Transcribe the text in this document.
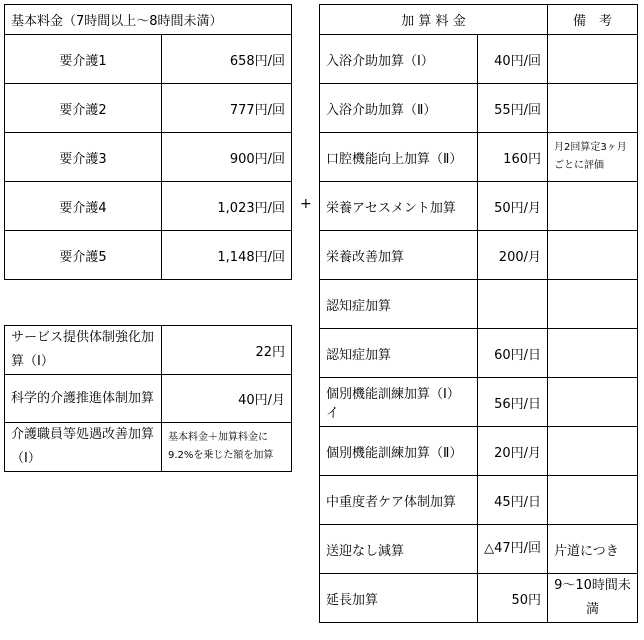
基本料金（7時間以上～8時間未満）	
要介護1	658円/回
要介護2	777円/回
要介護3	900円/回
要介護4	1,023円/回
要介護5	1,148円/回
+
サービス提供体制強化加算（Ⅰ）	22円
科学的介護推進体制加算	40円/月
介護職員等処遇改善加算（Ⅰ）	基本料金＋加算料金に9.2%を乗じた額を加算
加 算 料 金		備　考
入浴介助加算（Ⅰ）	40円/回	
入浴介助加算（Ⅱ）	55円/回	
口腔機能向上加算（Ⅱ）	160円	月2回算定3ヶ月ごとに評価
栄養アセスメント加算	50円/月	
栄養改善加算	200/月	
認知症加算		
認知症加算	60円/日	
個別機能訓練加算（Ⅰ）イ	56円/日	
個別機能訓練加算（Ⅱ）	20円/月	
中重度者ケア体制加算	45円/日	
送迎なし減算	△47円/回	片道につき
延長加算	50円	9～10時間未満
